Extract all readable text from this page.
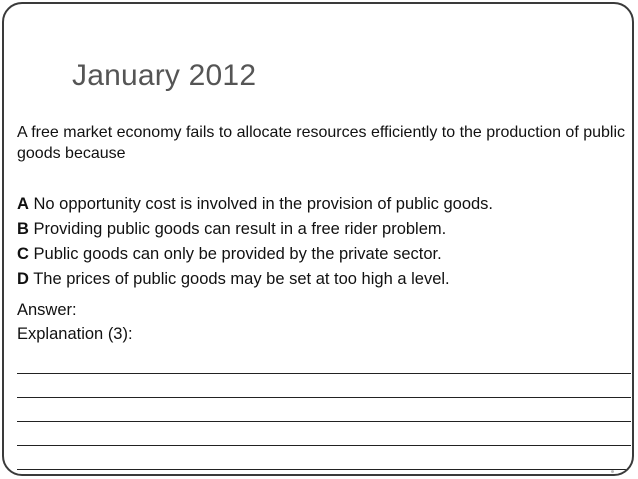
January 2012
A free market economy fails to allocate resources efficiently to the production of public goods because
A No opportunity cost is involved in the provision of public goods.
B Providing public goods can result in a free rider problem.
C Public goods can only be provided by the private sector.
D The prices of public goods may be set at too high a level.
Answer:
Explanation (3):
